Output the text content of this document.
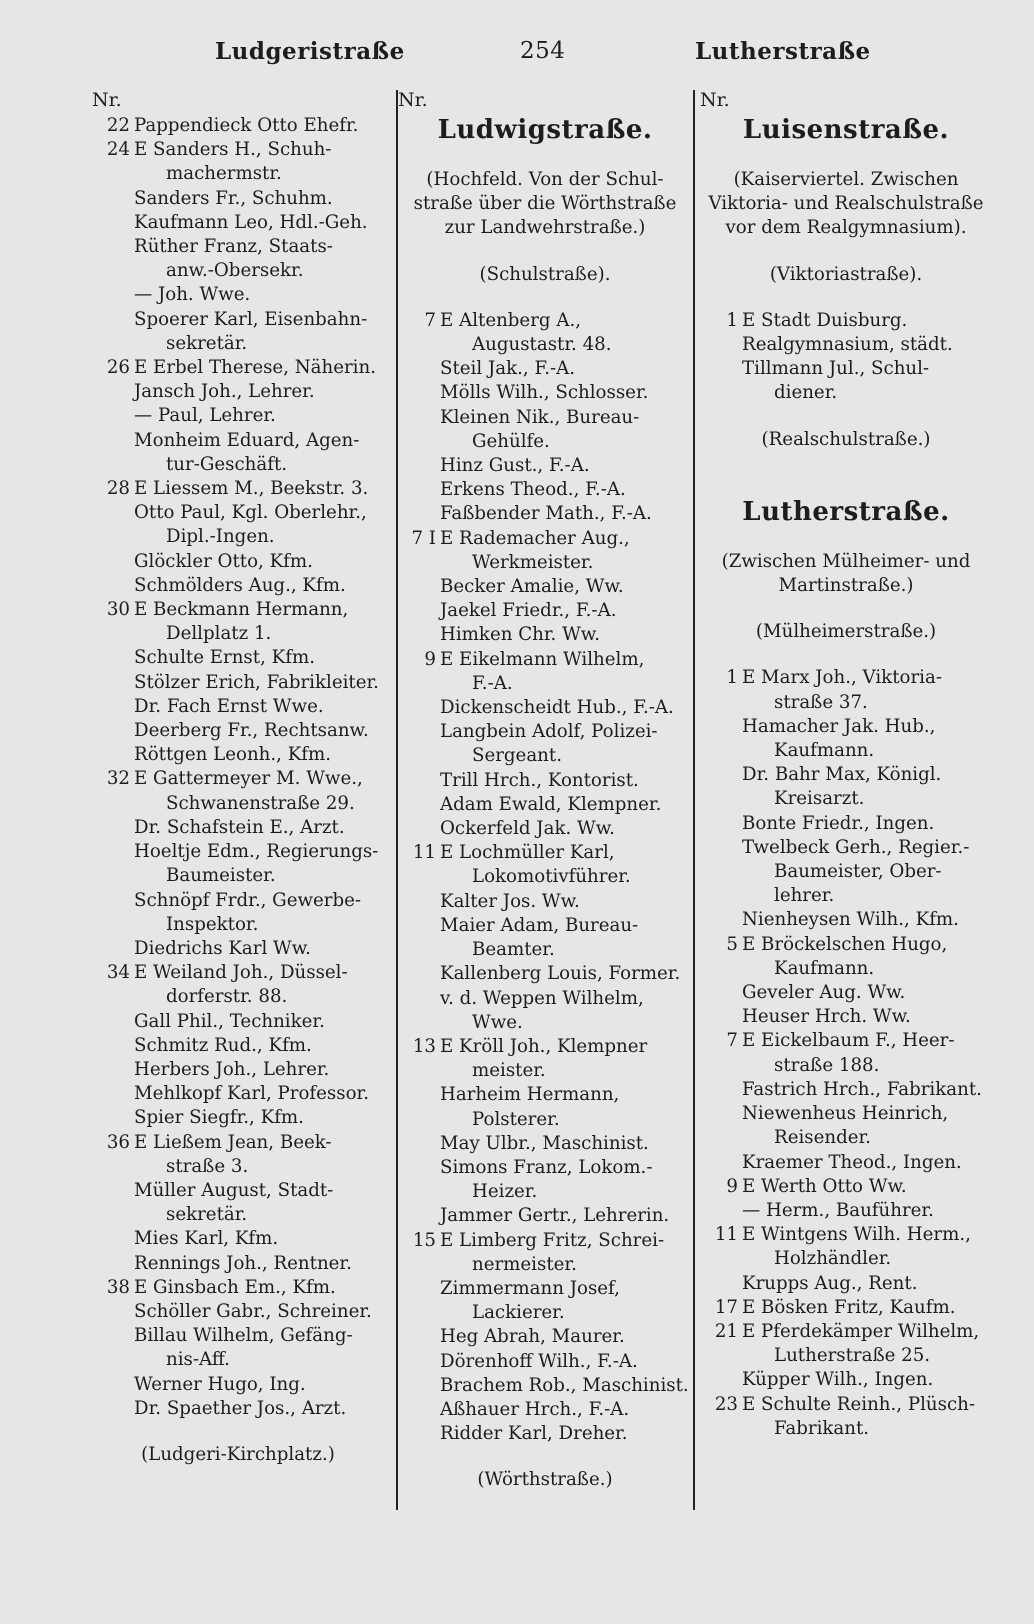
Ludgeristraße	254	Lutherstraße
Nr.
22 Pappendieck Otto Ehefr.
24 E Sanders H., Schuh-
machermstr.
Sanders Fr., Schuhm.
Kaufmann Leo, Hdl.-Geh.
Rüther Franz, Staats-
anw.-Obersekr.
— Joh. Wwe.
Spoerer Karl, Eisenbahn-
sekretär.
26 E Erbel Therese, Näherin.
Jansch Joh., Lehrer.
— Paul, Lehrer.
Monheim Eduard, Agen-
tur-Geschäft.
28 E Liessem M., Beekstr. 3.
Otto Paul, Kgl. Oberlehr.,
Dipl.-Ingen.
Glöckler Otto, Kfm.
Schmölders Aug., Kfm.
30 E Beckmann Hermann,
Dellplatz 1.
Schulte Ernst, Kfm.
Stölzer Erich, Fabrikleiter.
Dr. Fach Ernst Wwe.
Deerberg Fr., Rechtsanw.
Röttgen Leonh., Kfm.
32 E Gattermeyer M. Wwe.,
Schwanenstraße 29.
Dr. Schafstein E., Arzt.
Hoeltje Edm., Regierungs-
Baumeister.
Schnöpf Frdr., Gewerbe-
Inspektor.
Diedrichs Karl Ww.
34 E Weiland Joh., Düssel-
dorferstr. 88.
Gall Phil., Techniker.
Schmitz Rud., Kfm.
Herbers Joh., Lehrer.
Mehlkopf Karl, Professor.
Spier Siegfr., Kfm.
36 E Ließem Jean, Beek-
straße 3.
Müller August, Stadt-
sekretär.
Mies Karl, Kfm.
Rennings Joh., Rentner.
38 E Ginsbach Em., Kfm.
Schöller Gabr., Schreiner.
Billau Wilhelm, Gefäng-
nis-Aff.
Werner Hugo, Ing.
Dr. Spaether Jos., Arzt.
(Ludgeri-Kirchplatz.)
Nr.
Ludwigstraße.
(Hochfeld. Von der Schul-
straße über die Wörthstraße
zur Landwehrstraße.)
(Schulstraße).
7 E Altenberg A.,
Augustastr. 48.
Steil Jak., F.-A.
Mölls Wilh., Schlosser.
Kleinen Nik., Bureau-
Gehülfe.
Hinz Gust., F.-A.
Erkens Theod., F.-A.
Faßbender Math., F.-A.
7 I E Rademacher Aug.,
Werkmeister.
Becker Amalie, Ww.
Jaekel Friedr., F.-A.
Himken Chr. Ww.
9 E Eikelmann Wilhelm,
F.-A.
Dickenscheidt Hub., F.-A.
Langbein Adolf, Polizei-
Sergeant.
Trill Hrch., Kontorist.
Adam Ewald, Klempner.
Ockerfeld Jak. Ww.
11 E Lochmüller Karl,
Lokomotivführer.
Kalter Jos. Ww.
Maier Adam, Bureau-
Beamter.
Kallenberg Louis, Former.
v. d. Weppen Wilhelm,
Wwe.
13 E Kröll Joh., Klempner
meister.
Harheim Hermann,
Polsterer.
May Ulbr., Maschinist.
Simons Franz, Lokom.-
Heizer.
Jammer Gertr., Lehrerin.
15 E Limberg Fritz, Schrei-
nermeister.
Zimmermann Josef,
Lackierer.
Heg Abrah, Maurer.
Dörenhoff Wilh., F.-A.
Brachem Rob., Maschinist.
Aßhauer Hrch., F.-A.
Ridder Karl, Dreher.
(Wörthstraße.)
Nr.
Luisenstraße.
(Kaiserviertel. Zwischen
Viktoria- und Realschulstraße
vor dem Realgymnasium).
(Viktoriastraße).
1 E Stadt Duisburg.
Realgymnasium, städt.
Tillmann Jul., Schul-
diener.
(Realschulstraße.)
Lutherstraße.
(Zwischen Mülheimer- und
Martinstraße.)
(Mülheimerstraße.)
1 E Marx Joh., Viktoria-
straße 37.
Hamacher Jak. Hub.,
Kaufmann.
Dr. Bahr Max, Königl.
Kreisarzt.
Bonte Friedr., Ingen.
Twelbeck Gerh., Regier.-
Baumeister, Ober-
lehrer.
Nienheysen Wilh., Kfm.
5 E Bröckelschen Hugo,
Kaufmann.
Geveler Aug. Ww.
Heuser Hrch. Ww.
7 E Eickelbaum F., Heer-
straße 188.
Fastrich Hrch., Fabrikant.
Niewenheus Heinrich,
Reisender.
Kraemer Theod., Ingen.
9 E Werth Otto Ww.
— Herm., Bauführer.
11 E Wintgens Wilh. Herm.,
Holzhändler.
Krupps Aug., Rent.
17 E Bösken Fritz, Kaufm.
21 E Pferdekämper Wilhelm,
Lutherstraße 25.
Küpper Wilh., Ingen.
23 E Schulte Reinh., Plüsch-
Fabrikant.
